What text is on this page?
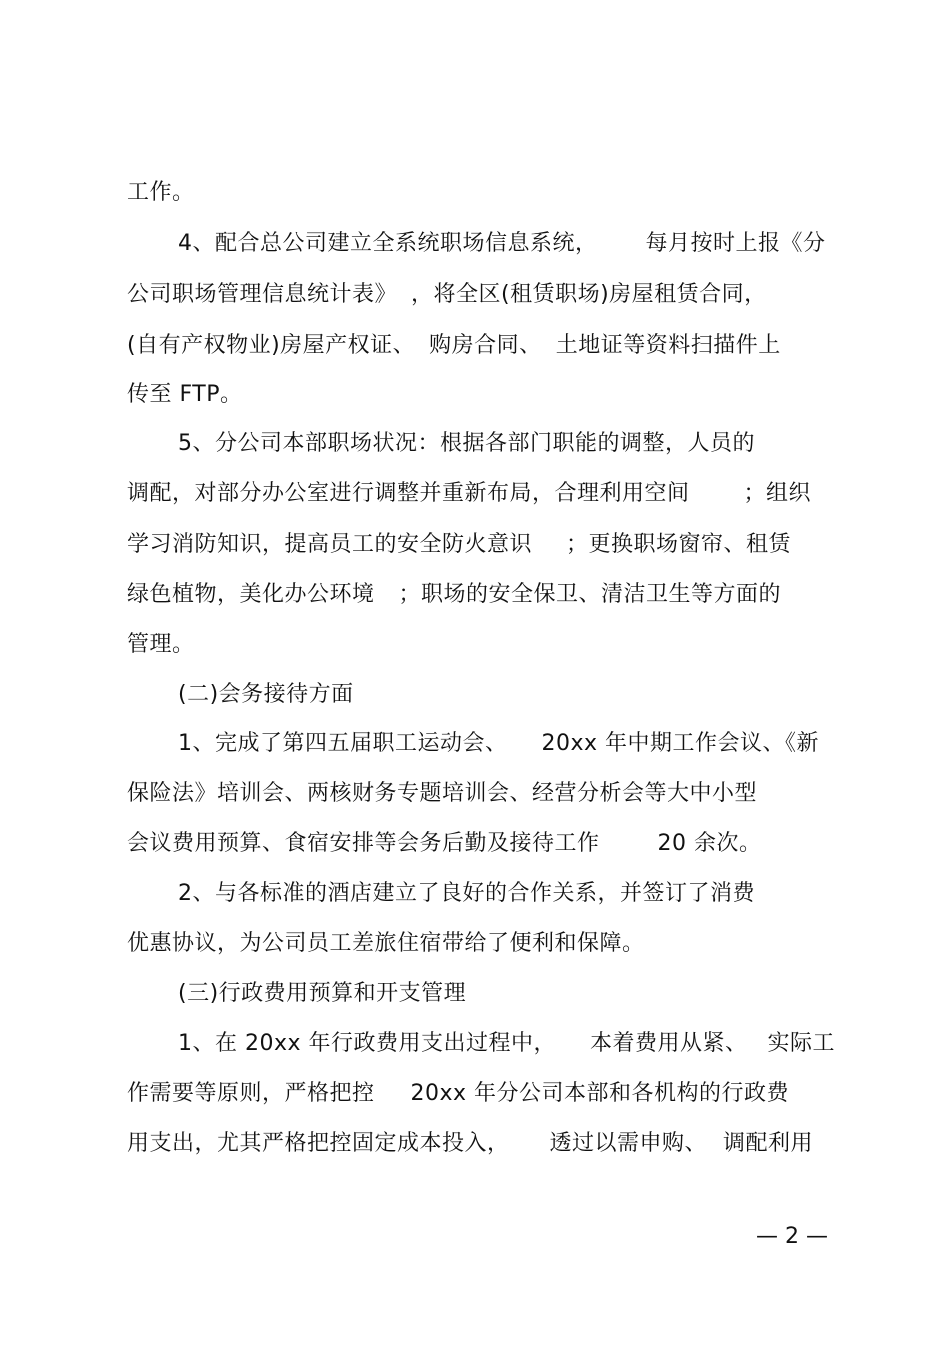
工作。
4、配合总公司建立全系统职场信息系统， 每月按时上报《分
公司职场管理信息统计表》 ，将全区(租赁职场)房屋租赁合同，
(自有产权物业)房屋产权证、 购房合同、 土地证等资料扫描件上
传至 FTP。
5、分公司本部职场状况：根据各部门职能的调整，人员的
调配，对部分办公室进行调整并重新布局，合理利用空间 ；组织
学习消防知识，提高员工的安全防火意识 ；更换职场窗帘、租赁
绿色植物，美化办公环境 ；职场的安全保卫、清洁卫生等方面的
管理。
(二)会务接待方面
1、完成了第四五届职工运动会、 20xx 年中期工作会议、《新
保险法》培训会、两核财务专题培训会、经营分析会等大中小型
会议费用预算、食宿安排等会务后勤及接待工作	20 余次。
2、与各标准的酒店建立了良好的合作关系，并签订了消费
优惠协议，为公司员工差旅住宿带给了便利和保障。
(三)行政费用预算和开支管理
1、在 20xx 年行政费用支出过程中， 本着费用从紧、 实际工
作需要等原则，严格把控 20xx 年分公司本部和各机构的行政费
用支出，尤其严格把控固定成本投入， 透过以需申购、 调配利用
— 2 —
